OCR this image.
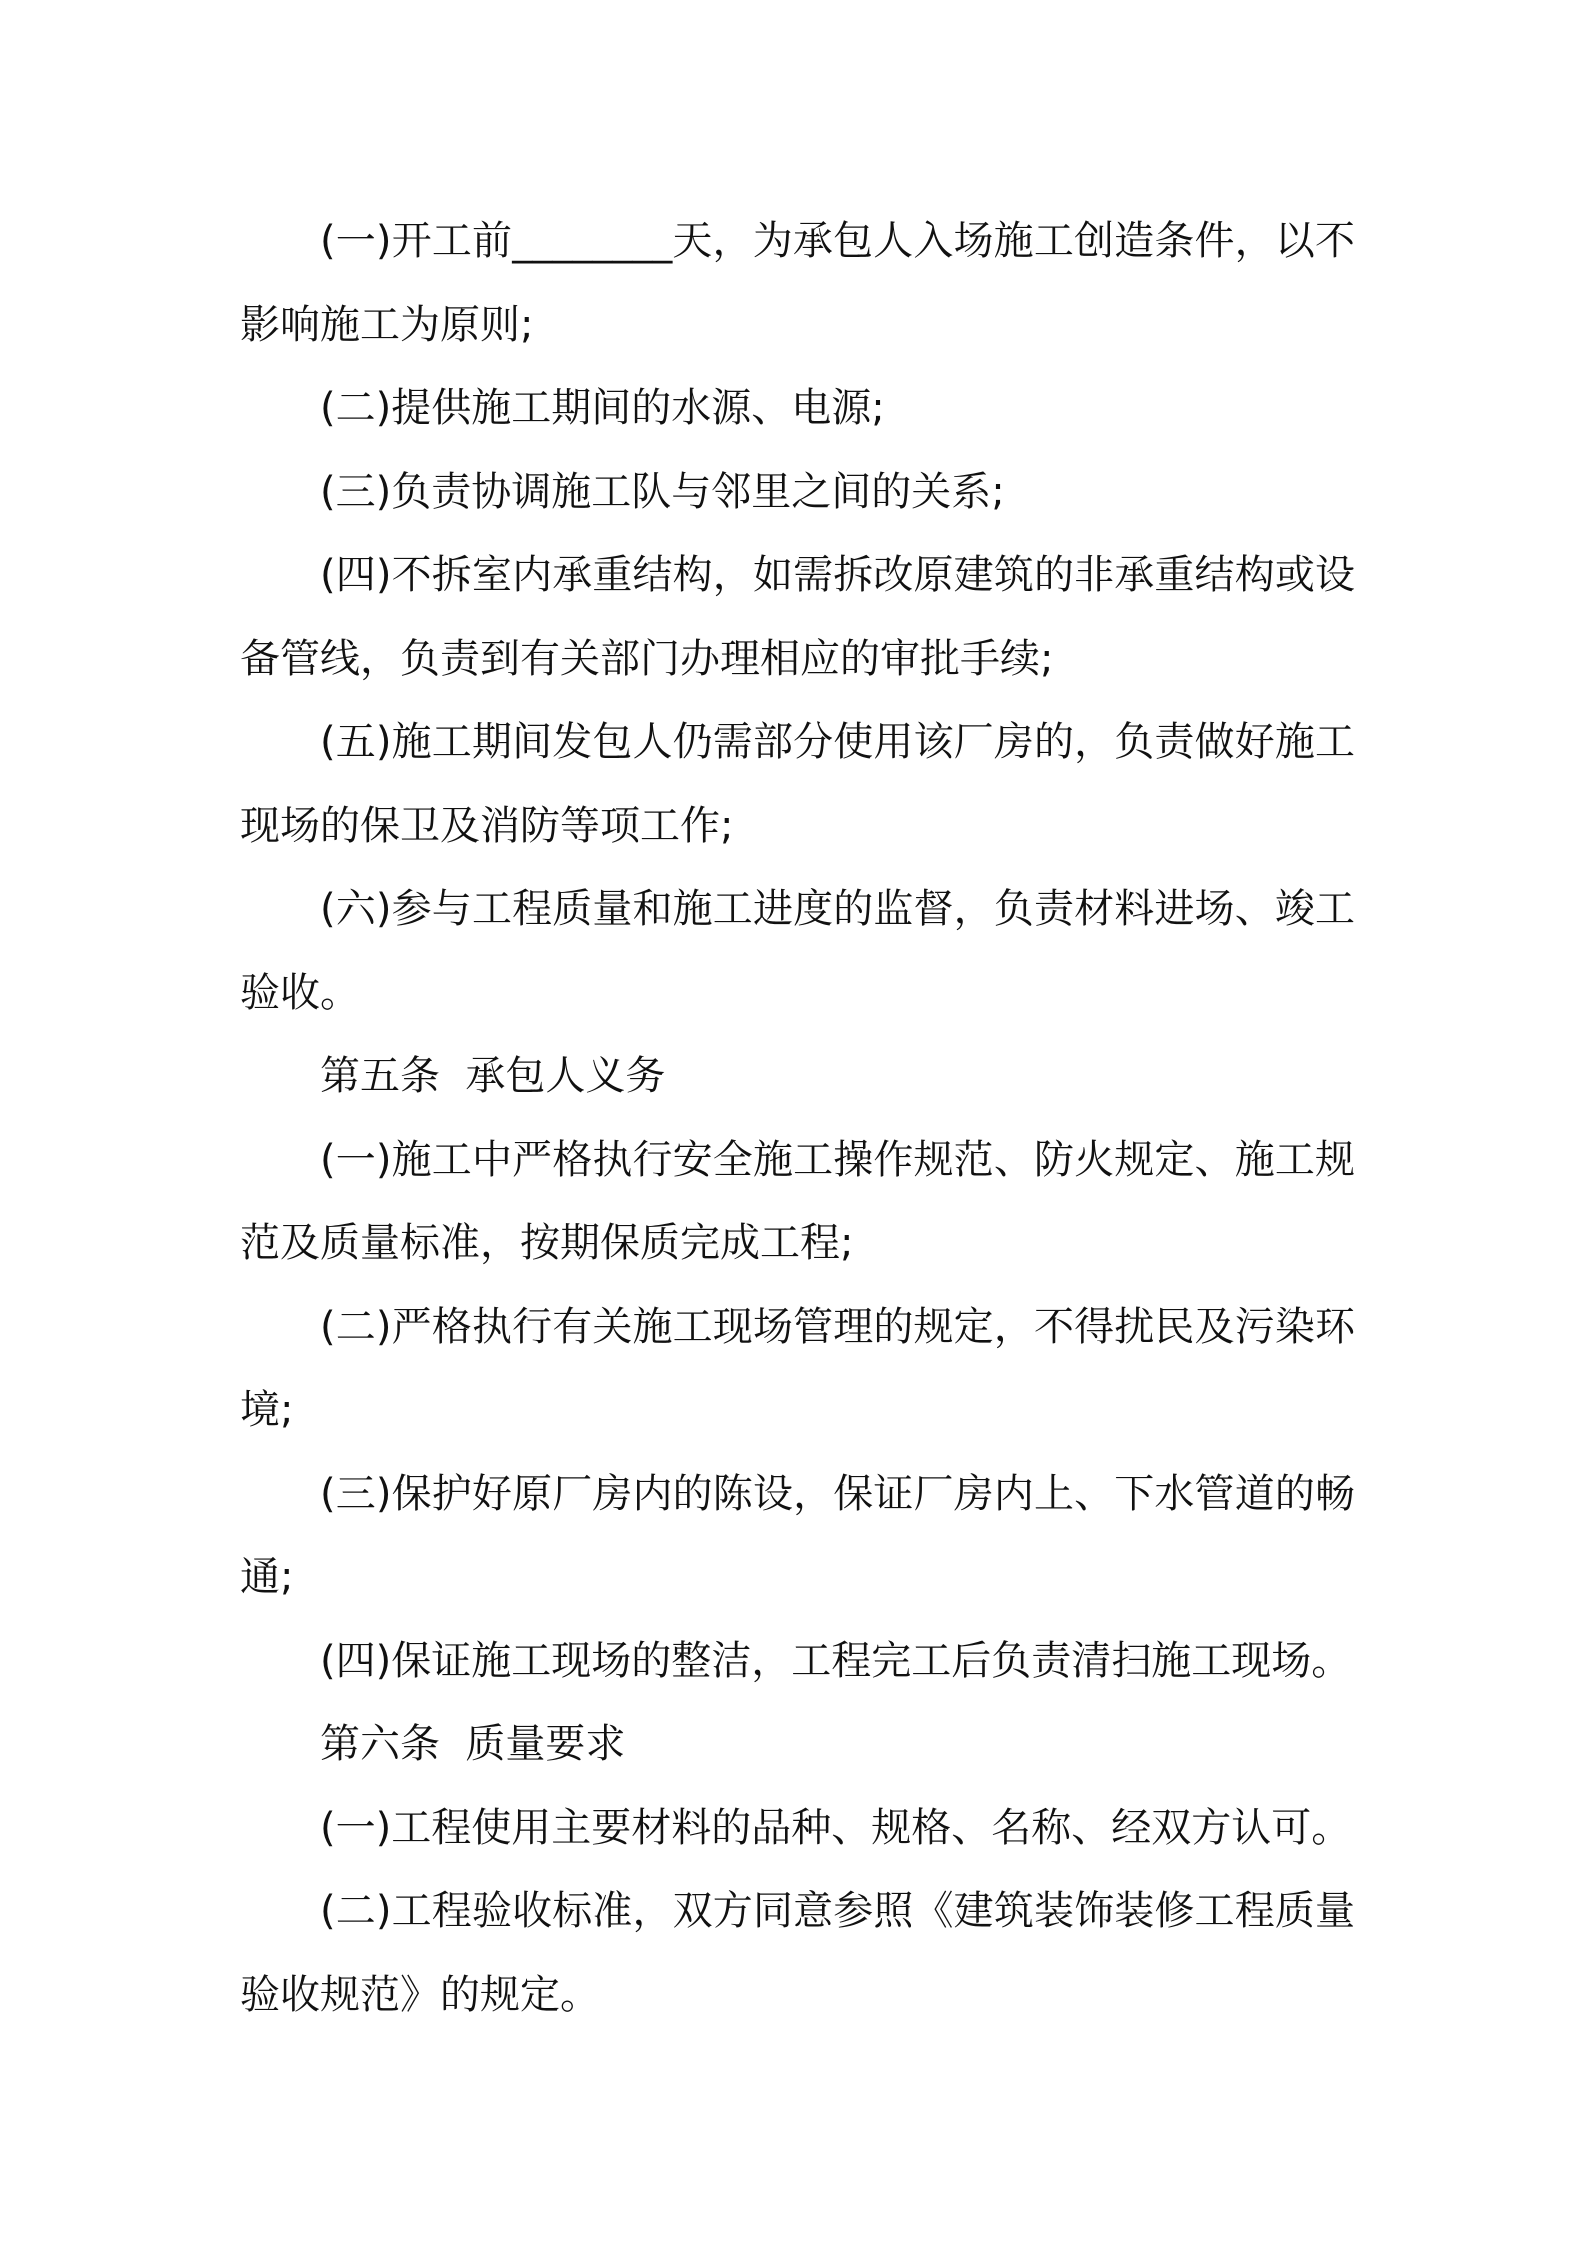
(一)开工前________天，为承包人入场施工创造条件，以不影响施工为原则;

(二)提供施工期间的水源、电源;

(三)负责协调施工队与邻里之间的关系;

(四)不拆室内承重结构，如需拆改原建筑的非承重结构或设备管线，负责到有关部门办理相应的审批手续;

(五)施工期间发包人仍需部分使用该厂房的，负责做好施工现场的保卫及消防等项工作;

(六)参与工程质量和施工进度的监督，负责材料进场、竣工验收。

第五条  承包人义务

(一)施工中严格执行安全施工操作规范、防火规定、施工规范及质量标准，按期保质完成工程;

(二)严格执行有关施工现场管理的规定，不得扰民及污染环境;

(三)保护好原厂房内的陈设，保证厂房内上、下水管道的畅通;

(四)保证施工现场的整洁，工程完工后负责清扫施工现场。

第六条  质量要求

(一)工程使用主要材料的品种、规格、名称、经双方认可。

(二)工程验收标准，双方同意参照《建筑装饰装修工程质量验收规范》的规定。
